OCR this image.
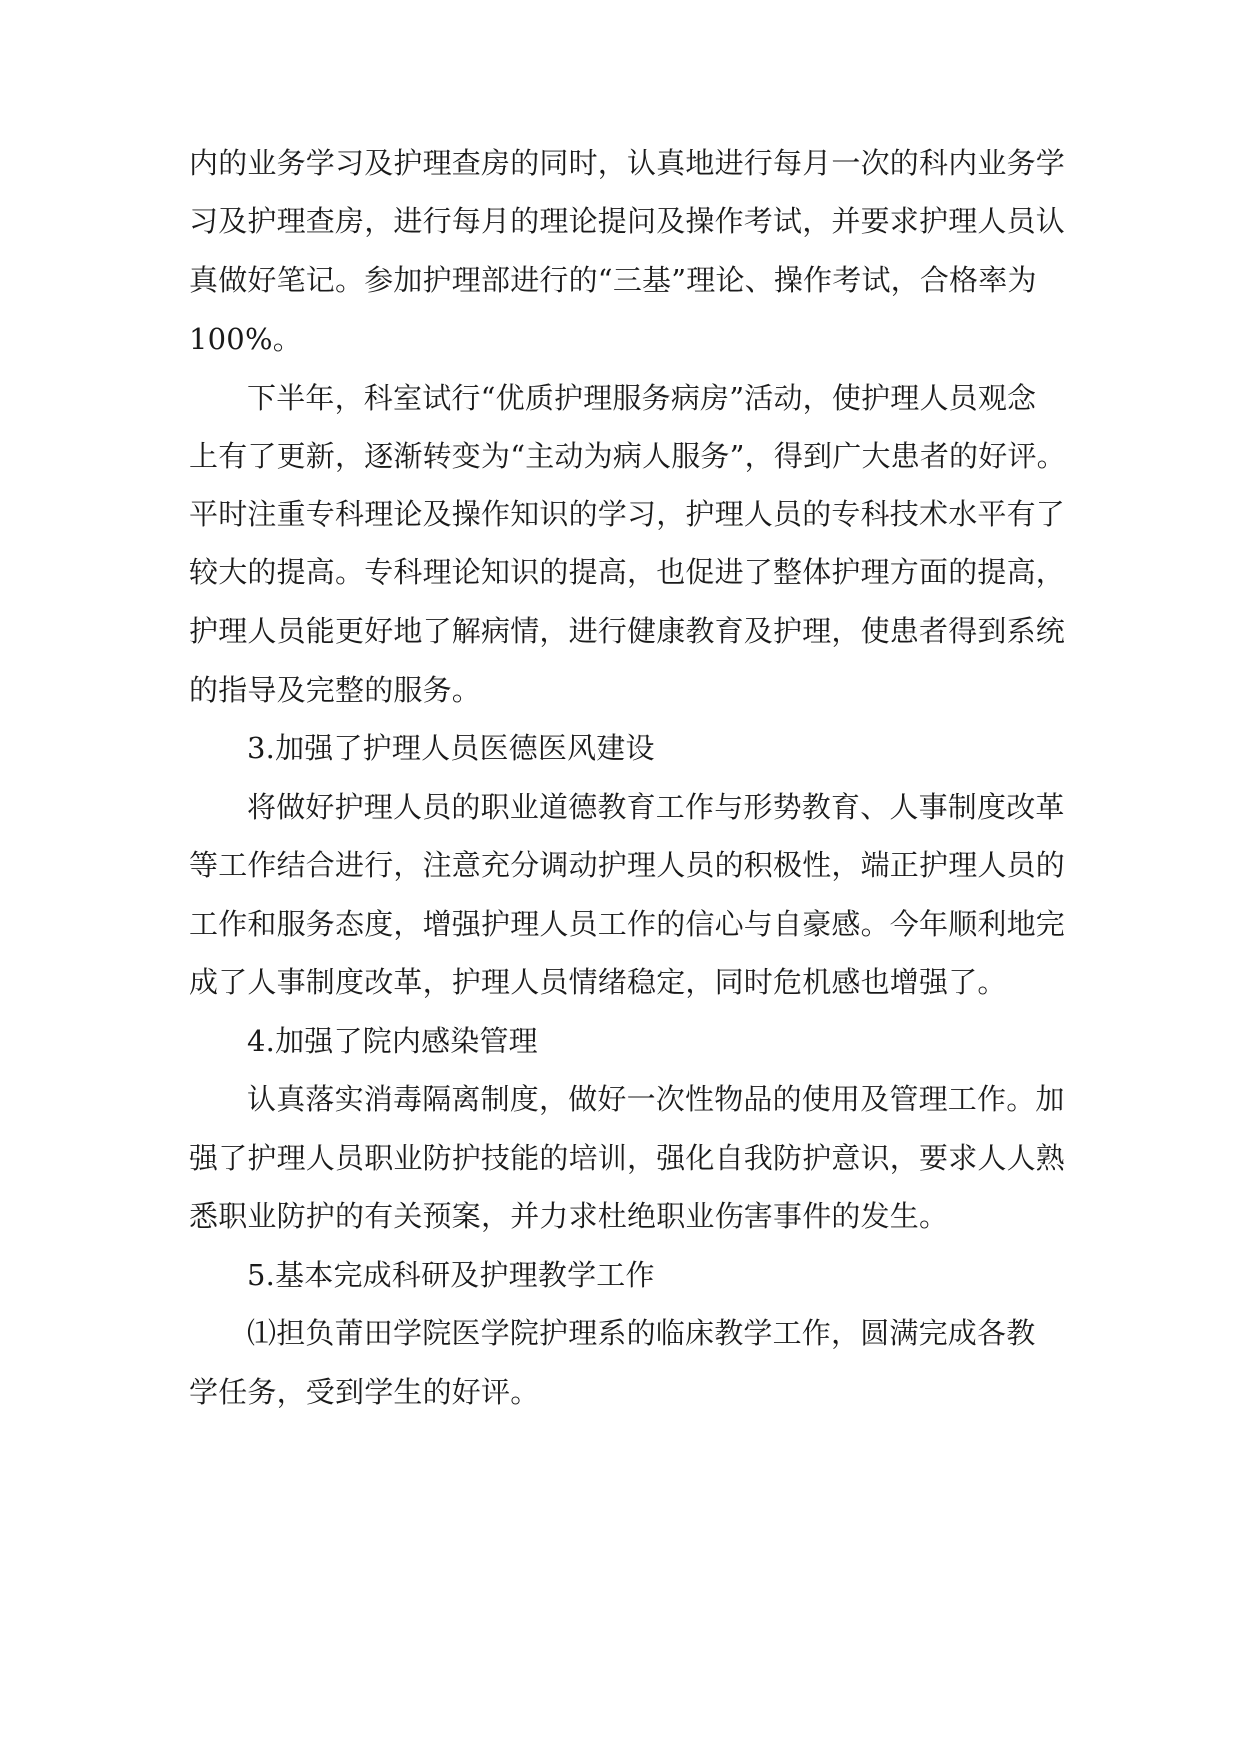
内的业务学习及护理查房的同时，认真地进行每月一次的科内业务学
习及护理查房，进行每月的理论提问及操作考试，并要求护理人员认
真做好笔记。参加护理部进行的“三基”理论、操作考试，合格率为
100%。
下半年，科室试行“优质护理服务病房”活动，使护理人员观念
上有了更新，逐渐转变为“主动为病人服务”，得到广大患者的好评。
平时注重专科理论及操作知识的学习，护理人员的专科技术水平有了
较大的提高。专科理论知识的提高，也促进了整体护理方面的提高，
护理人员能更好地了解病情，进行健康教育及护理，使患者得到系统
的指导及完整的服务。
3.加强了护理人员医德医风建设
将做好护理人员的职业道德教育工作与形势教育、人事制度改革
等工作结合进行，注意充分调动护理人员的积极性，端正护理人员的
工作和服务态度，增强护理人员工作的信心与自豪感。今年顺利地完
成了人事制度改革，护理人员情绪稳定，同时危机感也增强了。
4.加强了院内感染管理
认真落实消毒隔离制度，做好一次性物品的使用及管理工作。加
强了护理人员职业防护技能的培训，强化自我防护意识，要求人人熟
悉职业防护的有关预案，并力求杜绝职业伤害事件的发生。
5.基本完成科研及护理教学工作
⑴担负莆田学院医学院护理系的临床教学工作，圆满完成各教
学任务，受到学生的好评。
